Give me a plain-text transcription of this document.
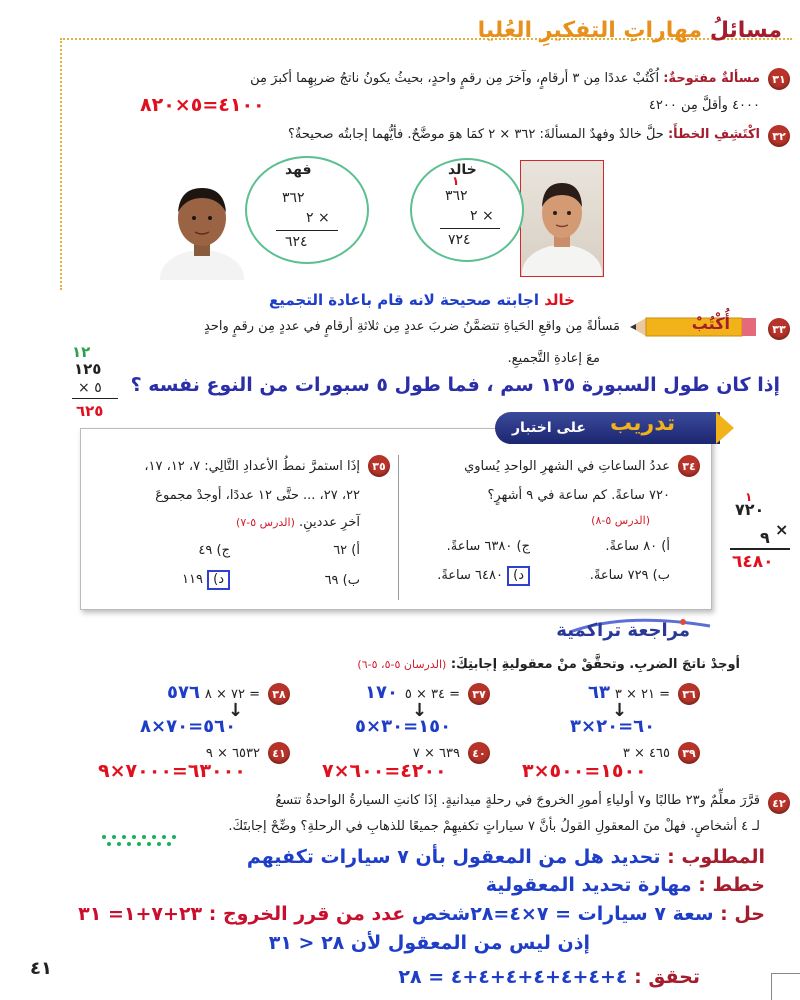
مسائلُ مهاراتِ التفكيرِ العُليا
٣١
مسألةٌ مفتوحةٌ: اُكْتُبْ عددًا مِن ٣ أرقامٍ، وآخرَ مِن رقمٍ واحدٍ، بحيثُ يكونُ ناتجُ ضربِهِما أكبرَ مِن
٤٠٠٠ وأقلَّ مِن ٤٢٠٠
٤١٠٠=٥×٨٢٠
٣٢
اكْتَشِفِ الخطأَ: حلَّ خالدٌ وفهدٌ المسألةَ: ٣٦٢ × ٢ كمَا هوَ موضَّحٌ. فأيُّهما إجابتُه صحيحةٌ؟
خالد
١
٣٦٢
× ٢
٧٢٤
فهد
٣٦٢
× ٢
٦٢٤
خالد اجابته صحيحة لانه قام باعادة التجميع
٣٣
أُكْتُبْ
مَسألةً مِن واقعِ الحَياةِ تتضمَّنُ ضربَ عددٍ مِن ثلاثةِ أرقامٍ في عددٍ مِن رقمٍ واحدٍ
معَ إعادةِ التَّجميعِ.
إذا كان طول السبورة ١٢٥ سم ، فما طول ٥ سبورات من النوع نفسه ؟
١٢
١٢٥
٥ ×
٦٢٥	تدريب
على اختبار
٣٤
عددُ الساعاتِ في الشهرِ الواحدِ يُساوي
٧٢٠ ساعةً. كم ساعة في ٩ أشهرٍ؟
(الدرس ٥-٨)
أ) ٨٠ ساعةً.
ج) ٦٣٨٠ ساعةً.
ب) ٧٢٩ ساعةً.
د) ٦٤٨٠ ساعةً.
٣٥
إذَا استمرَّ نمطُ الأعدادِ التَّالِي: ٧، ١٢، ١٧،
٢٢، ٢٧، ... حتَّى ١٢ عددًا، أوجدْ مجموعَ
آخرِ عددينِ. (الدرس ٥-٧)
أ) ٦٢
ج) ٤٩
ب) ٦٩
د) ١١٩
١
٧٢٠
×
٩
٦٤٨٠
مراجعة تراكمية
أوجدْ ناتجَ الضربِ. وتحقَّقْ منْ معقوليةِ إجابتِكَ: (الدرسان ٥-٥، ٥-٦)
٣٦
٢١ × ٣ =
٦٣
↓
٦٠=٢٠×٣
٣٧
٣٤ × ٥ =
١٧٠
↓
١٥٠=٣٠×٥
٣٨
٧٢ × ٨ =
٥٧٦
↓
٥٦٠=٧٠×٨
٣٩
٤٦٥ × ٣
١٥٠٠=٥٠٠×٣
٤٠
٦٣٩ × ٧
٤٢٠٠=٦٠٠×٧
٤١
٦٥٣٢ × ٩
٦٣٠٠٠=٧٠٠٠×٩
٤٢
قرَّرَ معلِّمٌ و٢٣ طالبًا و٧ أولياءِ أمورِ الخروجَ في رحلةٍ ميدانيةٍ. إذَا كانتِ السيارةُ الواحدةُ تتسعُ
لـ ٤ أشخاصٍ. فهلْ منَ المعقولِ القولُ بأنَّ ٧ سياراتٍ تكفيهِمْ جميعًا للذهابِ في الرحلةِ؟ وضِّحْ إجابتَكَ.
المطلوب : تحديد هل من المعقول بأن ٧ سيارات تكفيهم
خطط : مهارة تحديد المعقولية
حل : سعة ٧ سيارات = ٧×٤=٢٨شخص عدد من قرر الخروج : ٢٣+٧+١= ٣١
إذن ليس من المعقول لأن ٢٨ < ٣١
تحقق : ٤+٤+٤+٤+٤+٤+٤ = ٢٨
٤١
